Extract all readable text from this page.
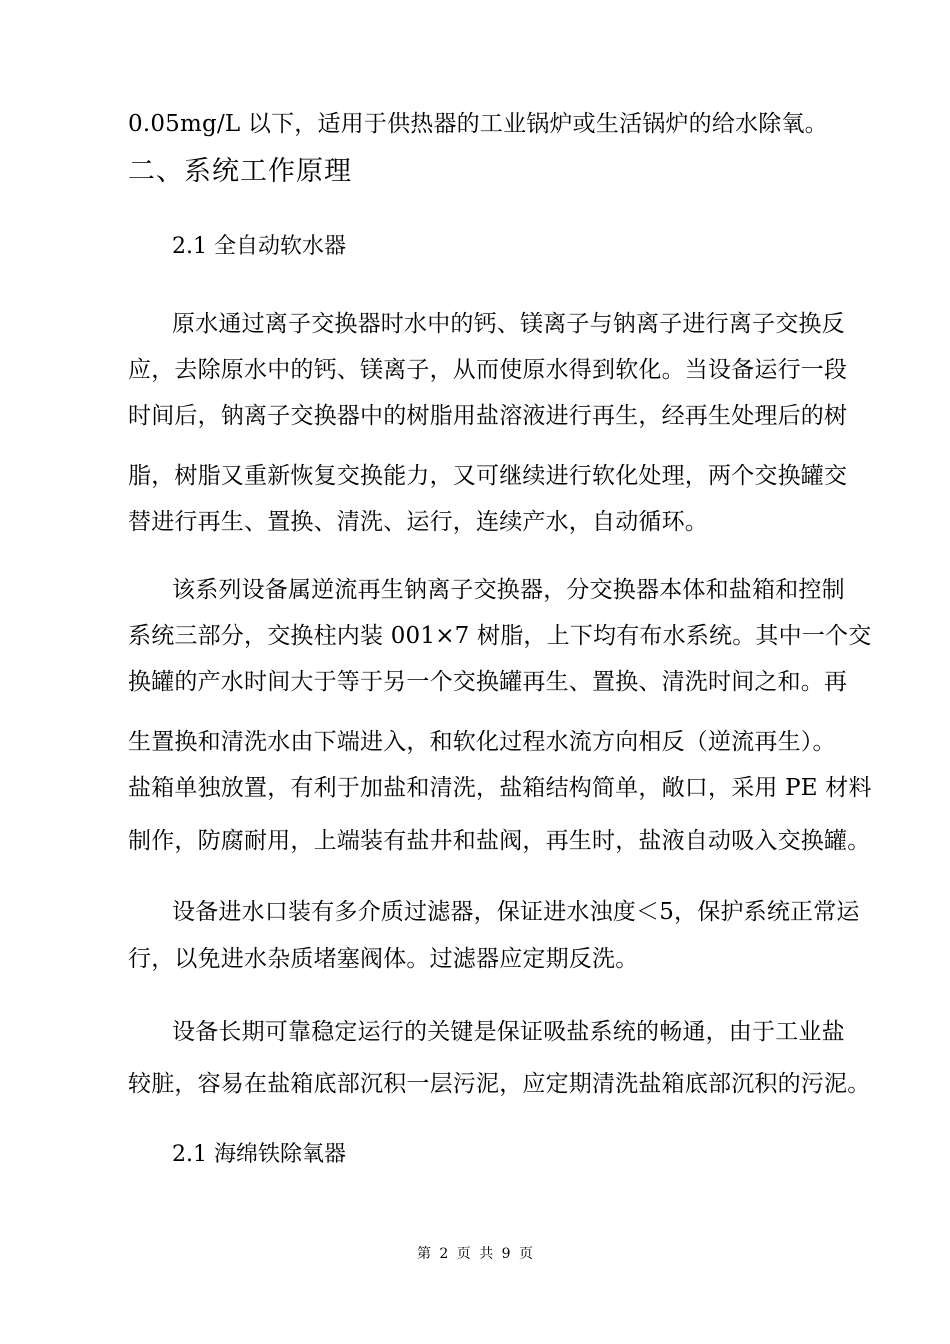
0.05mg/L 以下，适用于供热器的工业锅炉或生活锅炉的给水除氧。
二、系统工作原理
2.1 全自动软水器
原水通过离子交换器时水中的钙、镁离子与钠离子进行离子交换反
应，去除原水中的钙、镁离子，从而使原水得到软化。当设备运行一段
时间后，钠离子交换器中的树脂用盐溶液进行再生，经再生处理后的树
脂，树脂又重新恢复交换能力，又可继续进行软化处理，两个交换罐交
替进行再生、置换、清洗、运行，连续产水，自动循环。
该系列设备属逆流再生钠离子交换器，分交换器本体和盐箱和控制
系统三部分，交换柱内装 001×7 树脂，上下均有布水系统。其中一个交
换罐的产水时间大于等于另一个交换罐再生、置换、清洗时间之和。再
生置换和清洗水由下端进入，和软化过程水流方向相反（逆流再生）。
盐箱单独放置，有利于加盐和清洗，盐箱结构简单，敞口，采用 PE 材料
制作，防腐耐用，上端装有盐井和盐阀，再生时，盐液自动吸入交换罐。
设备进水口装有多介质过滤器，保证进水浊度＜5，保护系统正常运
行，以免进水杂质堵塞阀体。过滤器应定期反洗。
设备长期可靠稳定运行的关键是保证吸盐系统的畅通，由于工业盐
较脏，容易在盐箱底部沉积一层污泥，应定期清洗盐箱底部沉积的污泥。
2.1 海绵铁除氧器
第 2 页 共 9 页
